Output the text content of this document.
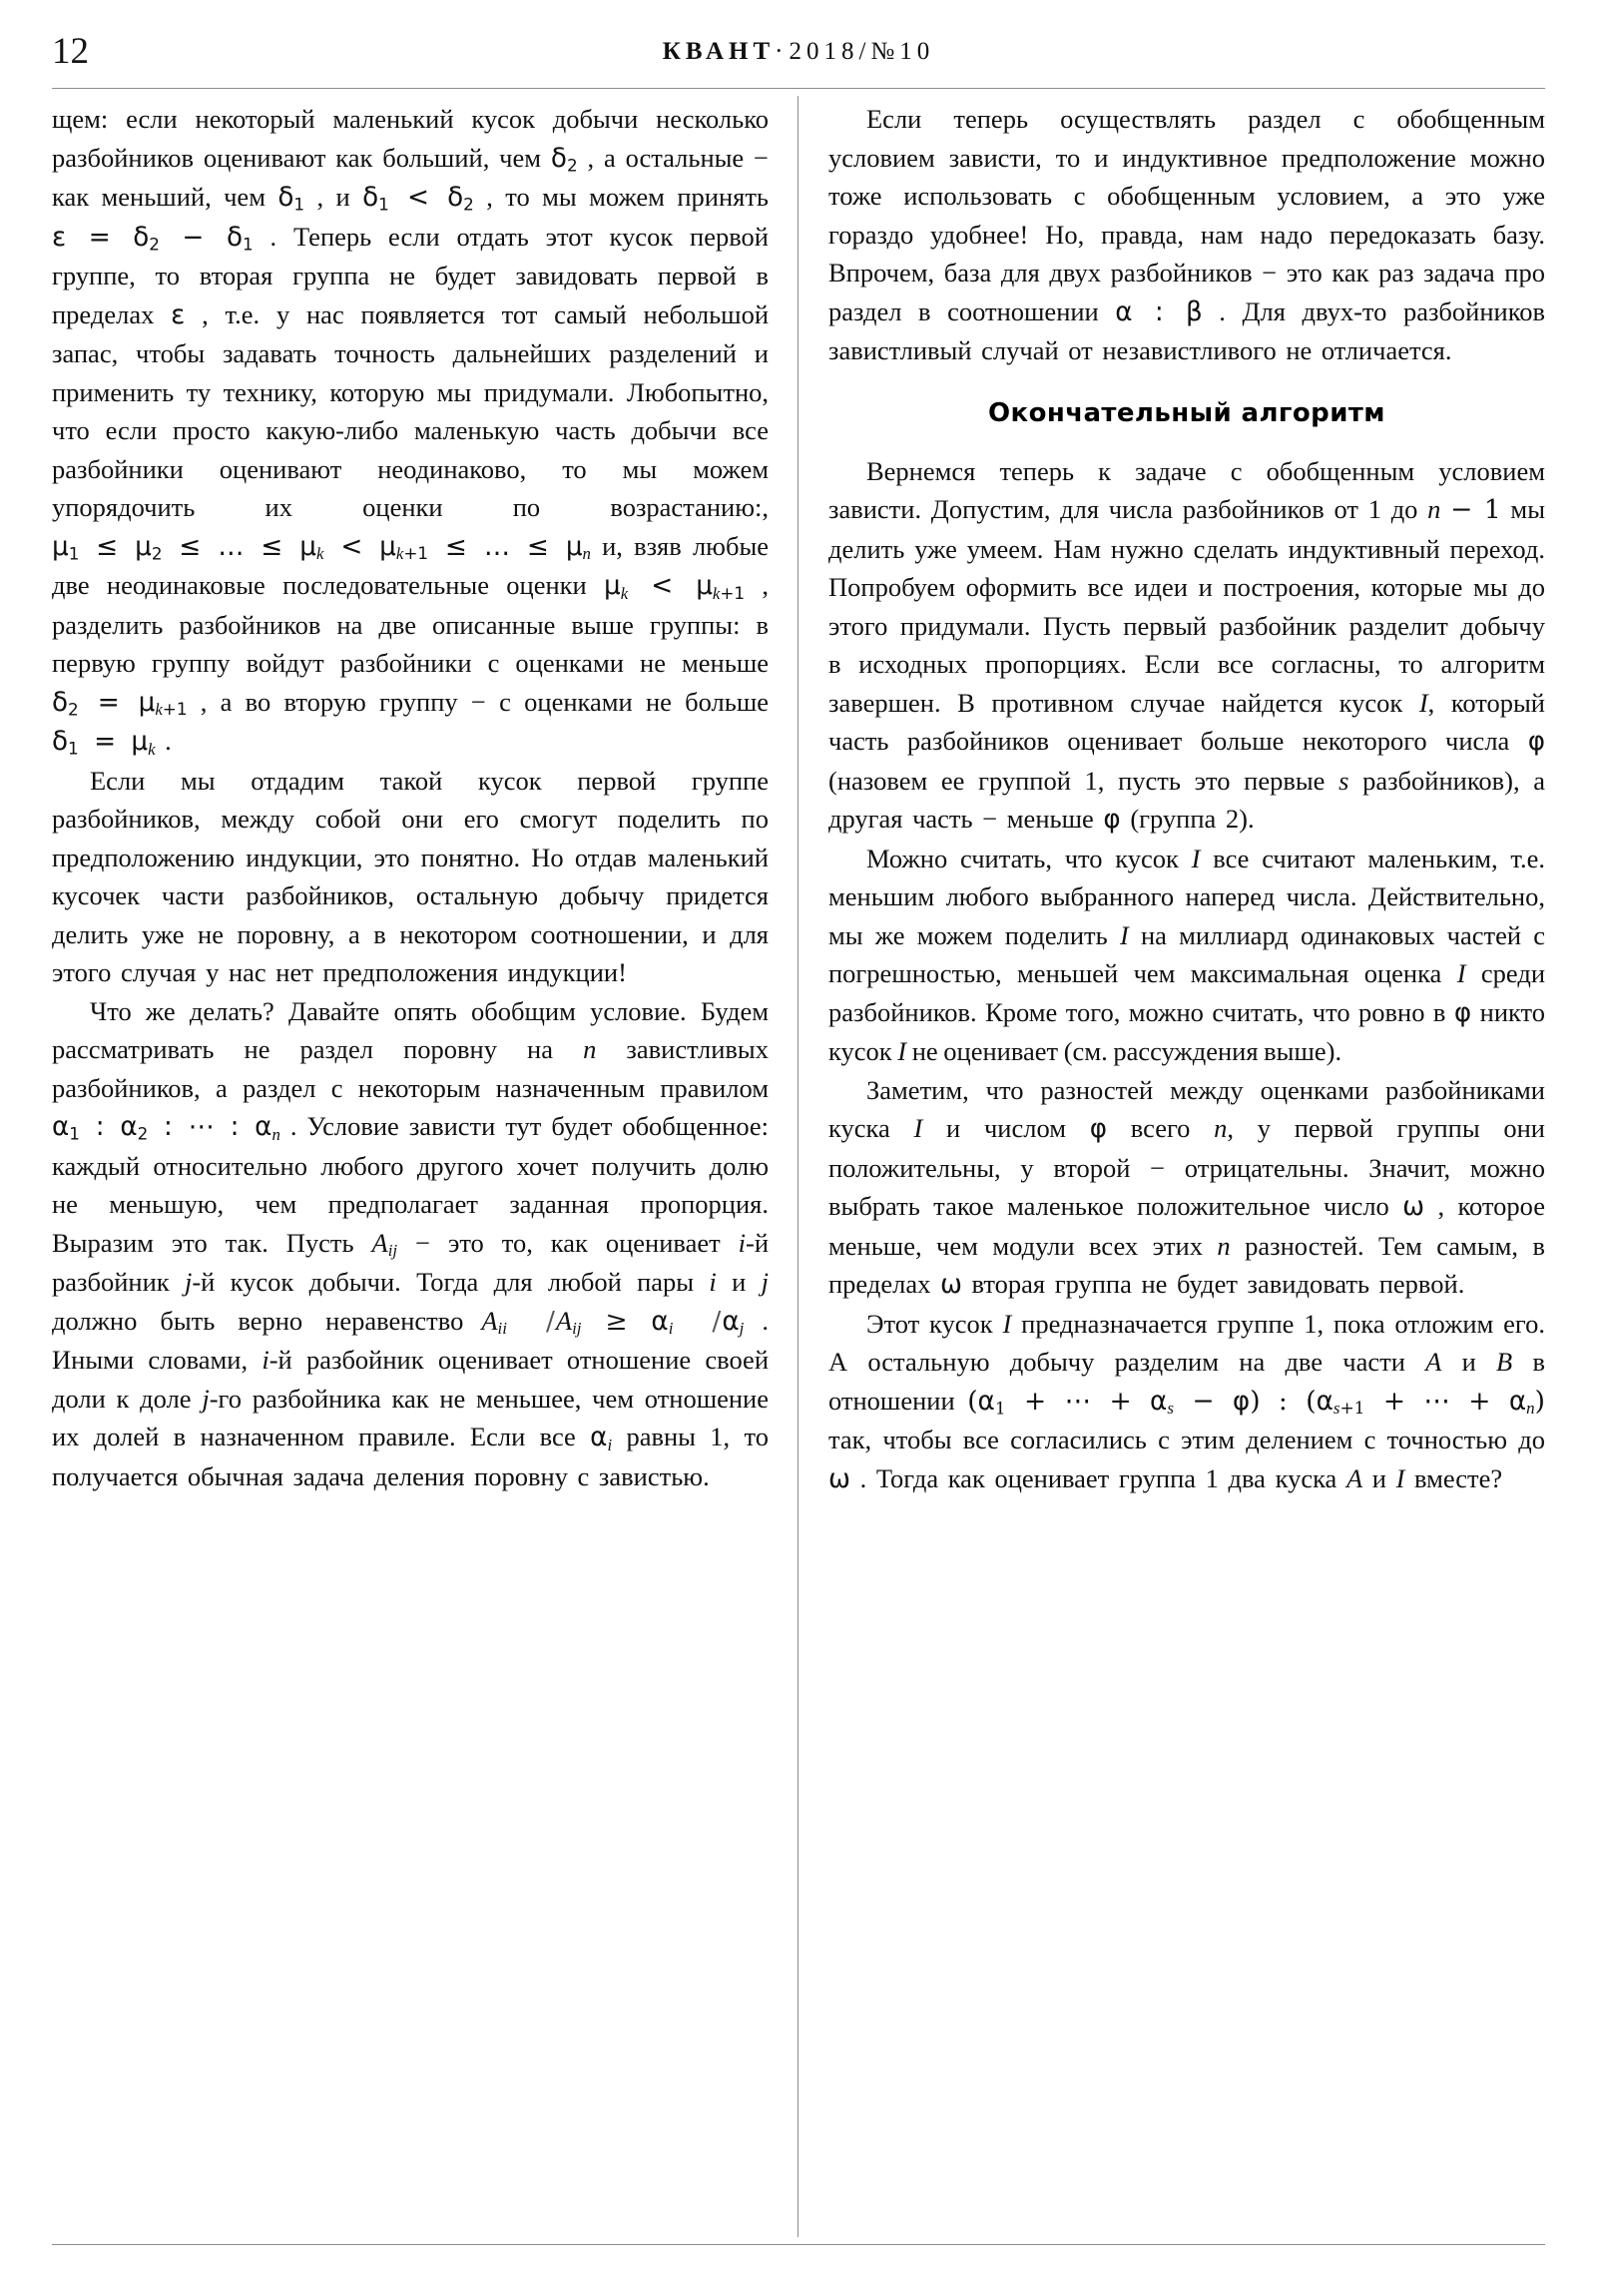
12	КВАНТ·2018/№10

щем: если некоторый маленький кусок добычи несколько разбойников оценивают как больший, чем $\delta_2$ , а остальные − как меньший, чем $\delta_1$ , и $\delta_1 < \delta_2$ , то мы можем принять $\varepsilon = \delta_2 - \delta_1$ . Теперь если отдать этот кусок первой группе, то вторая группа не будет завидовать первой в пределах ε , т.е. у нас появляется тот самый небольшой запас, чтобы задавать точность дальнейших разделений и применить ту технику, которую мы придумали. Любопытно, что если просто какую-либо маленькую часть добычи все разбойники оценивают неодинаково, то мы можем упорядочить их оценки по возрастанию:, $\mu_1 \le \mu_2$ ≤ … ≤ $\mu_k < \mu_{k+1}$ ≤ … ≤ $\mu_n$ и, взяв любые две неодинаковые последовательные оценки $\mu_k < \mu_{k+1}$ , разделить разбойников на две описанные выше группы: в первую группу войдут разбойники с оценками не меньше $\delta_2 = \mu_{k+1}$ , а во вторую группу − с оценками не больше $\delta_1 = \mu_k$ .

Если мы отдадим такой кусок первой группе разбойников, между собой они его смогут поделить по предположению индукции, это понятно. Но отдав маленький кусочек части разбойников, остальную добычу придется делить уже не поровну, а в некотором соотношении, и для этого случая у нас нет предположения индукции!

Что же делать? Давайте опять обобщим условие. Будем рассматривать не раздел поровну на n завистливых разбойников, а раздел с некоторым назначенным правилом $\alpha_1$ : $\alpha_2$ : ⋯ : $\alpha_n$ . Условие зависти тут будет обобщенное: каждый относительно любого другого хочет получить долю не меньшую, чем предполагает заданная пропорция. Выразим это так. Пусть $A_{ij}$ − это то, как оценивает i-й разбойник j-й кусок добычи. Тогда для любой пары i и j должно быть верно неравенство $A_{ii}$ $/A_{ij} \ge \alpha_i$ $/\alpha_j$ . Иными словами, i-й разбойник оценивает отношение своей доли к доле j-го разбойника как не меньшее, чем отношение их долей в назначенном правиле. Если все $\alpha_i$ равны 1, то получается обычная задача деления поровну с завистью.

Если теперь осуществлять раздел с обобщенным условием зависти, то и индуктивное предположение можно тоже использовать с обобщенным условием, а это уже гораздо удобнее! Но, правда, нам надо передоказать базу. Впрочем, база для двух разбойников − это как раз задача про раздел в соотношении α : β . Для двух-то разбойников завистливый случай от независтливого не отличается.

Окончательный алгоритм

Вернемся теперь к задаче с обобщенным условием зависти. Допустим, для числа разбойников от 1 до n − 1 мы делить уже умеем. Нам нужно сделать индуктивный переход. Попробуем оформить все идеи и построения, которые мы до этого придумали. Пусть первый разбойник разделит добычу в исходных пропорциях. Если все согласны, то алгоритм завершен. В противном случае найдется кусок I, который часть разбойников оценивает больше некоторого числа φ (назовем ее группой 1, пусть это первые s разбойников), а другая часть − меньше φ (группа 2).

Можно считать, что кусок I все считают маленьким, т.е. меньшим любого выбранного наперед числа. Действительно, мы же можем поделить I на миллиард одинаковых частей с погрешностью, меньшей чем максимальная оценка I среди разбойников. Кроме того, можно считать, что ровно в φ никто кусок I не оценивает (см. рассуждения выше).

Заметим, что разностей между оценками разбойниками куска I и числом φ всего n, у первой группы они положительны, у второй − отрицательны. Значит, можно выбрать такое маленькое положительное число ω , которое меньше, чем модули всех этих n разностей. Тем самым, в пределах ω вторая группа не будет завидовать первой.

Этот кусок I предназначается группе 1, пока отложим его. А остальную добычу разделим на две части A и B в отношении ($\alpha_1$ + ⋯ + $\alpha_s - \varphi$) : ($\alpha_{s+1}$ + ⋯ + $\alpha_n$) так, чтобы все согласились с этим делением с точностью до ω . Тогда как оценивает группа 1 два куска A и I вместе?
